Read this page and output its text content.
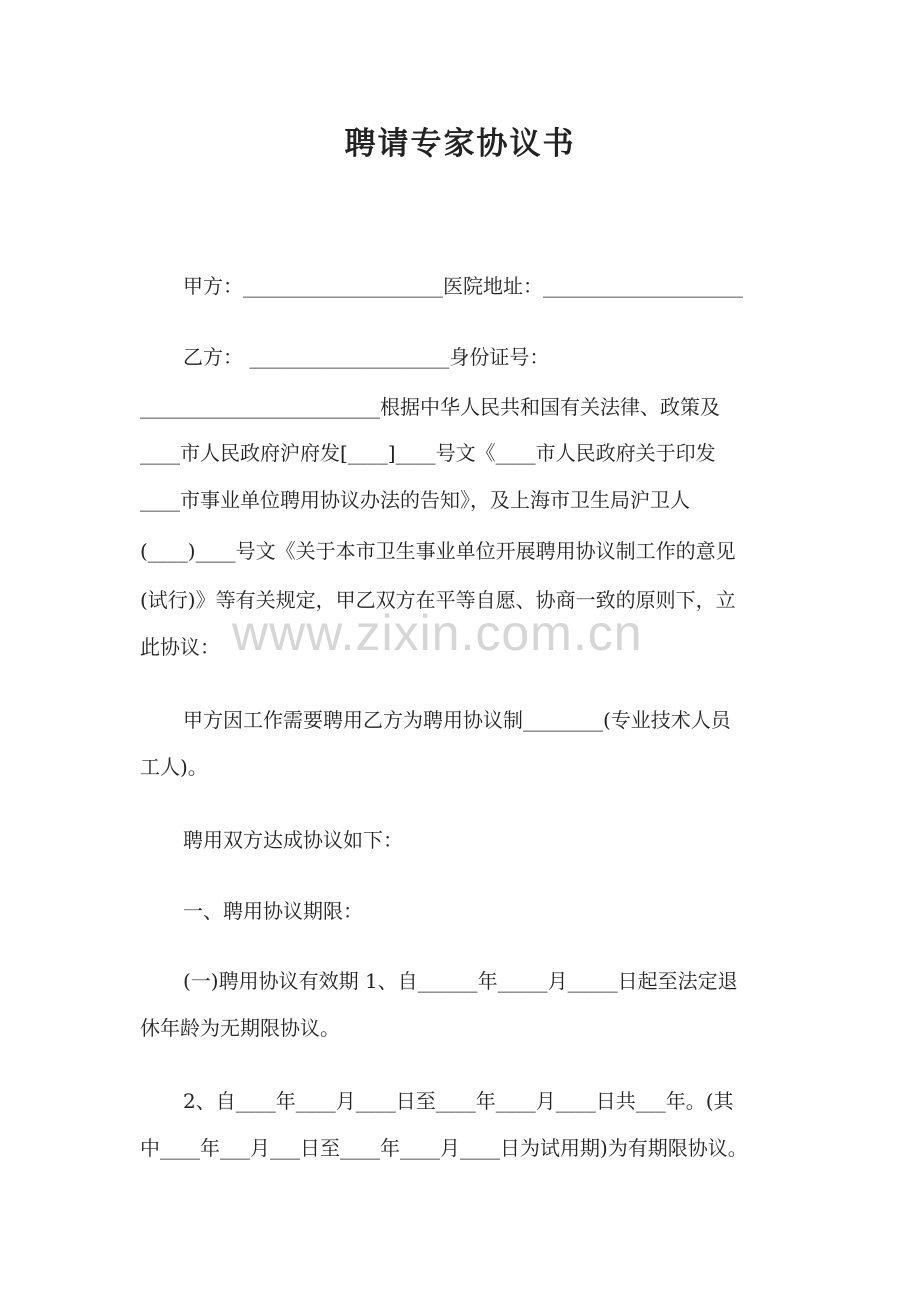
聘请专家协议书
甲方：____________________医院地址：____________________
乙方： ____________________身份证号：
________________________根据中华人民共和国有关法律、政策及
____市人民政府沪府发[____]____号文《____市人民政府关于印发
____市事业单位聘用协议办法的告知》，及上海市卫生局沪卫人
(____)____号文《关于本市卫生事业单位开展聘用协议制工作的意见
(试行)》等有关规定，甲乙双方在平等自愿、协商一致的原则下，立
此协议： www.zixin.com.cn
甲方因工作需要聘用乙方为聘用协议制________(专业技术人员
工人)。
聘用双方达成协议如下：
一、聘用协议期限：
(一)聘用协议有效期 1、自______年_____月_____日起至法定退
休年龄为无期限协议。
2、自____年____月____日至____年____月____日共___年。(其
中____年___月___日至____年____月____日为试用期)为有期限协议。
